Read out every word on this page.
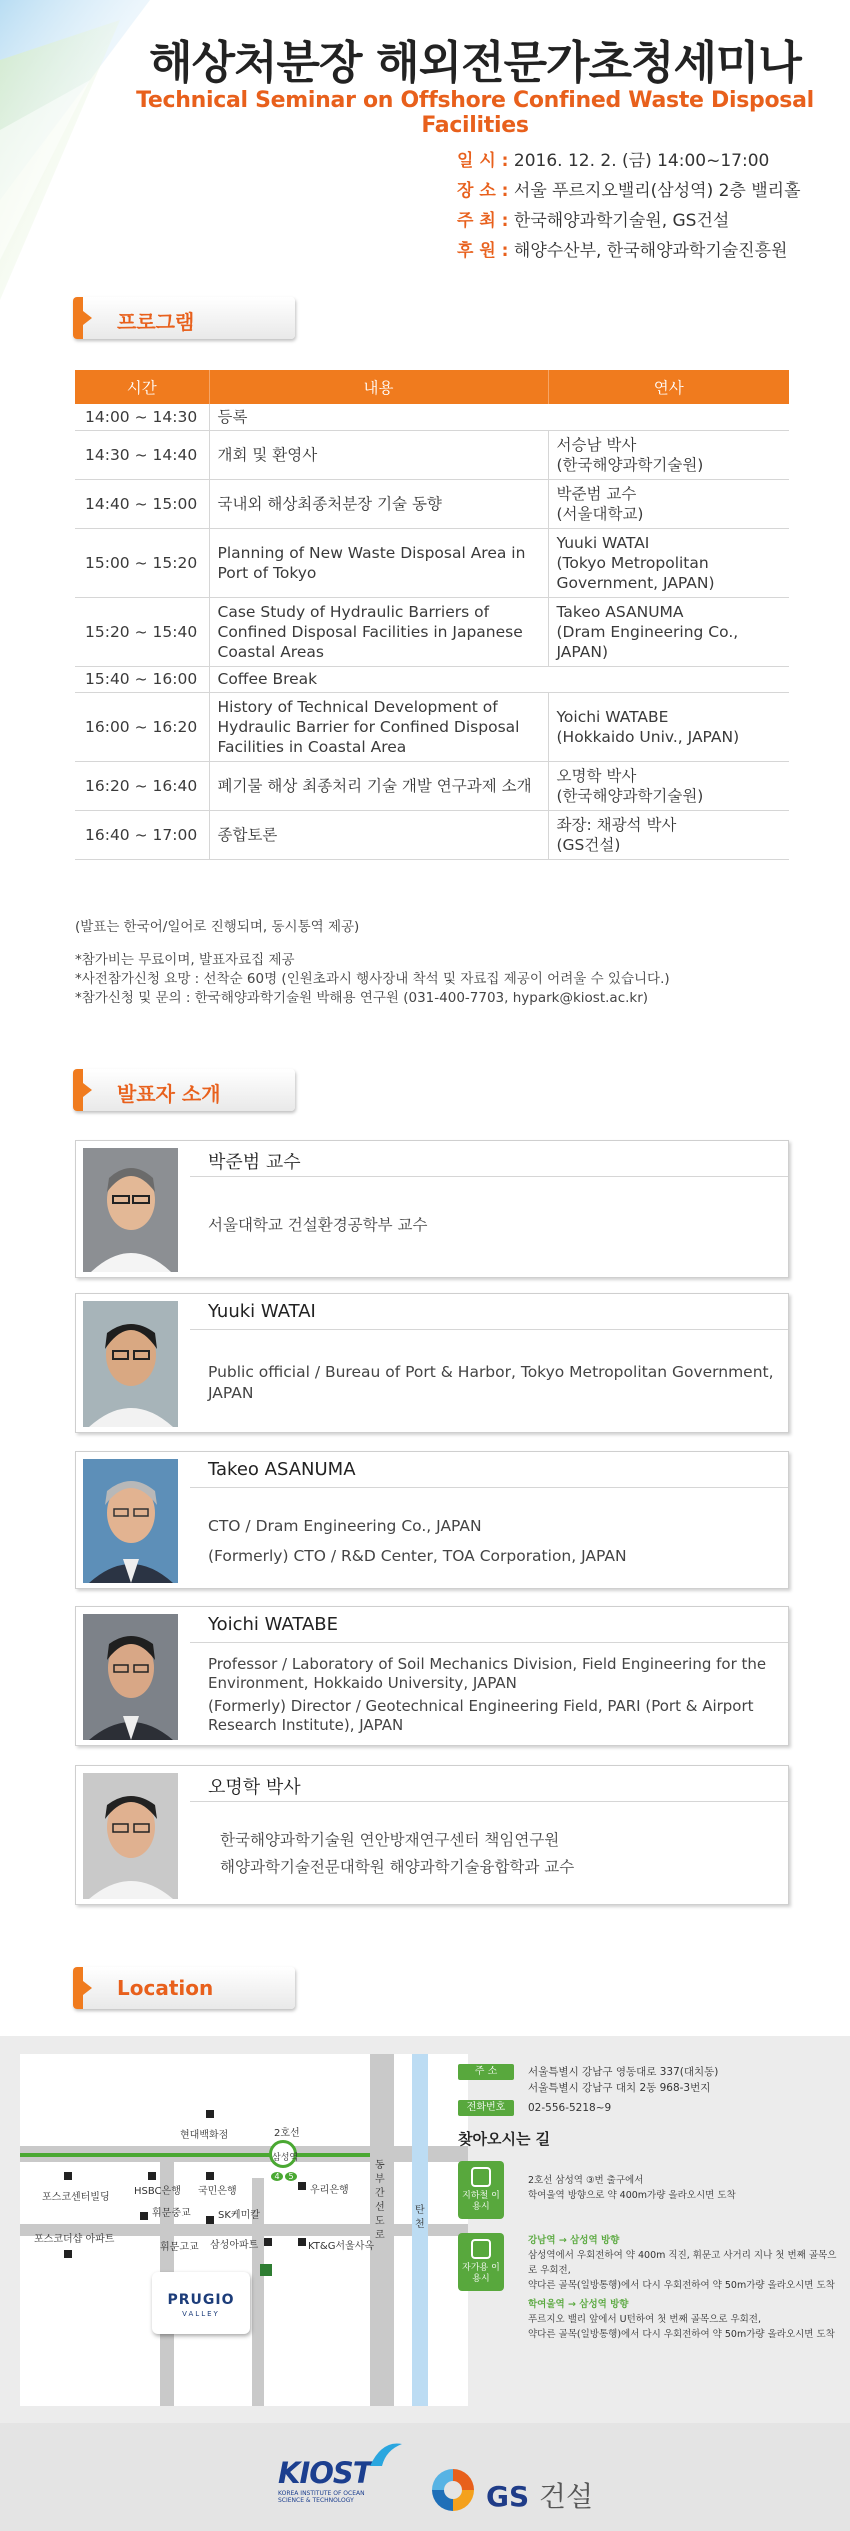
해상처분장 해외전문가초청세미나
Technical Seminar on Offshore Confined Waste Disposal Facilities
일 시 : 2016. 12. 2. (금) 14:00~17:00
장 소 : 서울 푸르지오밸리(삼성역) 2층 밸리홀
주 최 : 한국해양과학기술원, GS건설
후 원 : 해양수산부, 한국해양과학기술진흥원
프로그램
시간	내용	연사
14:00 ~ 14:30	등록	
14:30 ~ 14:40	개회 및 환영사	서승남 박사
(한국해양과학기술원)
14:40 ~ 15:00	국내외 해상최종처분장 기술 동향	박준범 교수
(서울대학교)
15:00 ~ 15:20	Planning of New Waste Disposal Area in Port of Tokyo	Yuuki WATAI
(Tokyo Metropolitan Government, JAPAN)
15:20 ~ 15:40	Case Study of Hydraulic Barriers of Confined Disposal Facilities in Japanese Coastal Areas	Takeo ASANUMA
(Dram Engineering Co., JAPAN)
15:40 ~ 16:00	Coffee Break	
16:00 ~ 16:20	History of Technical Development of Hydraulic Barrier for Confined Disposal Facilities in Coastal Area	Yoichi WATABE
(Hokkaido Univ., JAPAN)
16:20 ~ 16:40	폐기물 해상 최종처리 기술 개발 연구과제 소개	오명학 박사
(한국해양과학기술원)
16:40 ~ 17:00	종합토론	좌장: 채광석 박사
(GS건설)
(발표는 한국어/일어로 진행되며, 동시통역 제공)
*참가비는 무료이며, 발표자료집 제공
*사전참가신청 요망 : 선착순 60명 (인원초과시 행사장내 착석 및 자료집 제공이 어려울 수 있습니다.)
*참가신청 및 문의 : 한국해양과학기술원 박해용 연구원 (031-400-7703, hypark@kiost.ac.kr)
발표자 소개
박준범 교수

서울대학교 건설환경공학부 교수

Yuuki WATAI

Public official / Bureau of Port & Harbor, Tokyo Metropolitan Government, JAPAN

Takeo ASANUMA

CTO / Dram Engineering Co., JAPAN

(Formerly) CTO / R&D Center, TOA Corporation, JAPAN

Yoichi WATABE

Professor / Laboratory of Soil Mechanics Division, Field Engineering for the Environment, Hokkaido University, JAPAN

(Formerly) Director / Geotechnical Engineering Field, PARI (Port & Airport Research Institute), JAPAN

오명학 박사

한국해양과학기술원 연안방재연구센터 책임연구원

해양과학기술전문대학원 해양과학기술융합학과 교수

Location
삼성역
2호선
4	5
현대백화점
포스코센터빌딩
HSBC은행 국민은행	우리은행
포스코더샵 아파트
휘문중교	SK케미칼
휘문고교 삼성아파트	KT&G서울사옥
동부간선도로
탄천
PRUGIO
VALLEY
주 소	서울특별시 강남구 영동대로 337(대치동)
서울특별시 강남구 대치 2동 968-3번지
전화번호 02-556-5218~9
찾아오시는 길
지하철 이용시
2호선 삼성역 ③번 출구에서
학여울역 방향으로 약 400m가량 올라오시면 도착
자가용 이용시
강남역 → 삼성역 방향
삼성역에서 우회전하여 약 400m 직진, 휘문고 사거리 지나 첫 번째 골목으로 우회전,
약다른 골목(일방통행)에서 다시 우회전하여 약 50m가량 올라오시면 도착
학여울역 → 삼성역 방향
푸르지오 밸리 앞에서 U턴하여 첫 번째 골목으로 우회전,
약다른 골목(일방통행)에서 다시 우회전하여 약 50m가량 올라오시면 도착
KIOST
KOREA INSTITUTE OF OCEAN SCIENCE & TECHNOLOGY	GS 건설
